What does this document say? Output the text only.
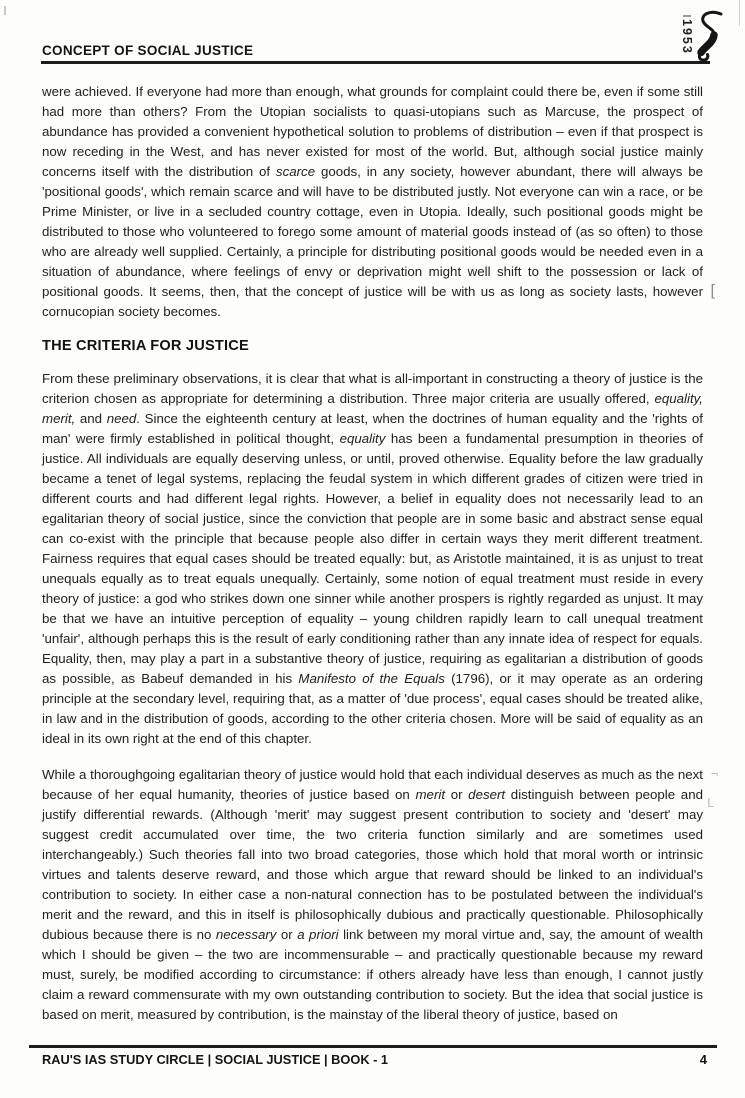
CONCEPT OF SOCIAL JUSTICE	1953

were achieved. If everyone had more than enough, what grounds for complaint could there be, even if some still had more than others? From the Utopian socialists to quasi-utopians such as Marcuse, the prospect of abundance has provided a convenient hypothetical solution to problems of distribution – even if that prospect is now receding in the West, and has never existed for most of the world. But, although social justice mainly concerns itself with the distribution of scarce goods, in any society, however abundant, there will always be 'positional goods', which remain scarce and will have to be distributed justly. Not everyone can win a race, or be Prime Minister, or live in a secluded country cottage, even in Utopia. Ideally, such positional goods might be distributed to those who volunteered to forego some amount of material goods instead of (as so often) to those who are already well supplied. Certainly, a principle for distributing positional goods would be needed even in a situation of abundance, where feelings of envy or deprivation might well shift to the possession or lack of positional goods. It seems, then, that the concept of justice will be with us as long as society lasts, however cornucopian society becomes.

THE CRITERIA FOR JUSTICE

From these preliminary observations, it is clear that what is all-important in constructing a theory of justice is the criterion chosen as appropriate for determining a distribution. Three major criteria are usually offered, equality, merit, and need. Since the eighteenth century at least, when the doctrines of human equality and the 'rights of man' were firmly established in political thought, equality has been a fundamental presumption in theories of justice. All individuals are equally deserving unless, or until, proved otherwise. Equality before the law gradually became a tenet of legal systems, replacing the feudal system in which different grades of citizen were tried in different courts and had different legal rights. However, a belief in equality does not necessarily lead to an egalitarian theory of social justice, since the conviction that people are in some basic and abstract sense equal can co-exist with the principle that because people also differ in certain ways they merit different treatment. Fairness requires that equal cases should be treated equally: but, as Aristotle maintained, it is as unjust to treat unequals equally as to treat equals unequally. Certainly, some notion of equal treatment must reside in every theory of justice: a god who strikes down one sinner while another prospers is rightly regarded as unjust. It may be that we have an intuitive perception of equality – young children rapidly learn to call unequal treatment 'unfair', although perhaps this is the result of early conditioning rather than any innate idea of respect for equals. Equality, then, may play a part in a substantive theory of justice, requiring as egalitarian a distribution of goods as possible, as Babeuf demanded in his Manifesto of the Equals (1796), or it may operate as an ordering principle at the secondary level, requiring that, as a matter of 'due process', equal cases should be treated alike, in law and in the distribution of goods, according to the other criteria chosen. More will be said of equality as an ideal in its own right at the end of this chapter.

While a thoroughgoing egalitarian theory of justice would hold that each individual deserves as much as the next because of her equal humanity, theories of justice based on merit or desert distinguish between people and justify differential rewards. (Although 'merit' may suggest present contribution to society and 'desert' may suggest credit accumulated over time, the two criteria function similarly and are sometimes used interchangeably.) Such theories fall into two broad categories, those which hold that moral worth or intrinsic virtues and talents deserve reward, and those which argue that reward should be linked to an individual's contribution to society. In either case a non-natural connection has to be postulated between the individual's merit and the reward, and this in itself is philosophically dubious and practically questionable. Philosophically dubious because there is no necessary or a priori link between my moral virtue and, say, the amount of wealth which I should be given – the two are incommensurable – and practically questionable because my reward must, surely, be modified according to circumstance: if others already have less than enough, I cannot justly claim a reward commensurate with my own outstanding contribution to society. But the idea that social justice is based on merit, measured by contribution, is the mainstay of the liberal theory of justice, based on

[
¬
L
RAU'S IAS STUDY CIRCLE | SOCIAL JUSTICE | BOOK - 1	4
